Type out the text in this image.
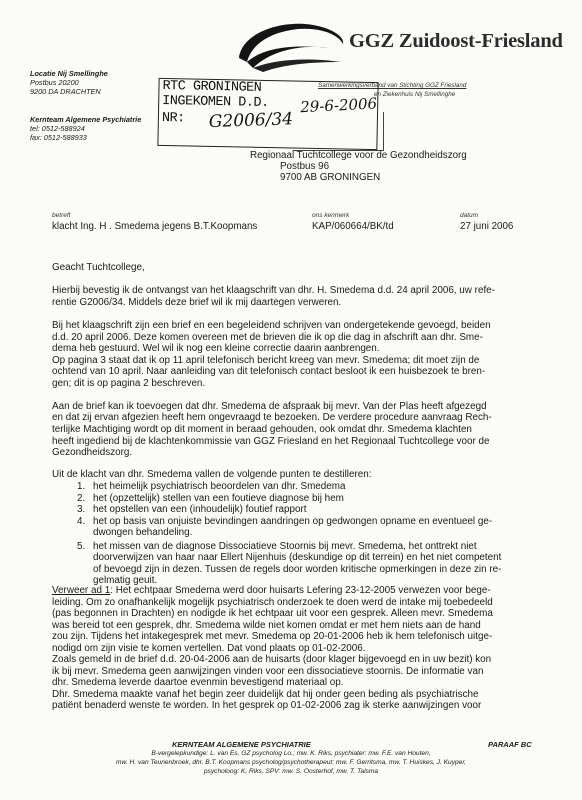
GGZ Zuidoost-Friesland
Samenwerkingsverband van Stichting GGZ Friesland
en Ziekenhuis Nij Smellinghe
Locatie Nij Smellinghe
Postbus 20200
9200 DA DRACHTEN
Kernteam Algemene Psychiatrie
tel: 0512-588924
fax: 0512-588933
RTC GRONINGEN
INGEKOMEN D.D.
NR:
29-6-2006
G2006/34
Regionaal Tuchtcollege voor de Gezondheidszorg
Postbus 96
9700 AB GRONINGEN
betreft
klacht Ing. H . Smedema jegens B.T.Koopmans
ons kenmerk
KAP/060664/BK/td
datum
27 juni 2006
Geacht Tuchtcollege,
Hierbij bevestig ik de ontvangst van het klaagschrift van dhr. H. Smedema d.d. 24 april 2006, uw refe-
rentie G2006/34. Middels deze brief wil ik mij daartegen verweren.
Bij het klaagschrift zijn een brief en een begeleidend schrijven van ondergetekende gevoegd, beiden
d.d. 20 april 2006. Deze komen overeen met de brieven die ik op die dag in afschrift aan dhr. Sme-
dema heb gestuurd. Wel wil ik nog een kleine correctie daarin aanbrengen.
Op pagina 3 staat dat ik op 11 april telefonisch bericht kreeg van mevr. Smedema; dit moet zijn de
ochtend van 10 april. Naar aanleiding van dit telefonisch contact besloot ik een huisbezoek te bren-
gen; dit is op pagina 2 beschreven.

Aan de brief kan ik toevoegen dat dhr. Smedema de afspraak bij mevr. Van der Plas heeft afgezegd
en dat zij ervan afgezien heeft hem ongevraagd te bezoeken. De verdere procedure aanvraag Rech-
terlijke Machtiging wordt op dit moment in beraad gehouden, ook omdat dhr. Smedema klachten
heeft ingediend bij de klachtenkommissie van GGZ Friesland en het Regionaal Tuchtcollege voor de
Gezondheidszorg.
Uit de klacht van dhr. Smedema vallen de volgende punten te destilleren:
1. het heimelijk psychiatrisch beoordelen van dhr. Smedema
2. het (opzettelijk) stellen van een foutieve diagnose bij hem
3. het opstellen van een (inhoudelijk) foutief rapport
4. het op basis van onjuiste bevindingen aandringen op gedwongen opname en eventueel ge-
dwongen behandeling.
5. het missen van de diagnose Dissociatieve Stoornis bij mevr. Smedema, het onttrekt niet
doorverwijzen van haar naar Ellert Nijenhuis (deskundige op dit terrein) en het niet competent
of bevoegd zijn in dezen. Tussen de regels door worden kritische opmerkingen in deze zin re-
gelmatig geuit.
Verweer ad 1: Het echtpaar Smedema werd door huisarts Lefering 23-12-2005 verwezen voor bege-
leiding. Om zo onafhankelijk mogelijk psychiatrisch onderzoek te doen werd de intake mij toebedeeld
(pas begonnen in Drachten) en nodigde ik het echtpaar uit voor een gesprek. Alleen mevr. Smedema
was bereid tot een gesprek, dhr. Smedema wilde niet komen omdat er met hem niets aan de hand
zou zijn. Tijdens het intakegesprek met mevr. Smedema op 20-01-2006 heb ik hem telefonisch uitge-
nodigd om zijn visie te komen vertellen. Dat vond plaats op 01-02-2006.
Zoals gemeld in de brief d.d. 20-04-2006 aan de huisarts (door klager bijgevoegd en in uw bezit) kon
ik bij mevr. Smedema geen aanwijzingen vinden voor een dissociatieve stoornis. De informatie van
dhr. Smedema leverde daartoe evenmin bevestigend materiaal op.
Dhr. Smedema maakte vanaf het begin zeer duidelijk dat hij onder geen beding als psychiatrische
patiënt benaderd wenste te worden. In het gesprek op 01-02-2006 zag ik sterke aanwijzingen voor
KERNTEAM ALGEMENE PSYCHIATRIE	PARAAF BC
B-vergelepkundige: L. van Es, GZ psycholog Lo.; mw. K. Riks, psychiater: mw. F.E. van Houten,
mw. H. van Teunenbroek, dhr. B.T. Koopmans psycholog/psychotherapeut: mw. F. Gerritsma, mw. T. Huiskes, J. Kuyper,
psycholoog: K. Riks, SPV: mw. S. Oosterhof, mw. T. Talsma
